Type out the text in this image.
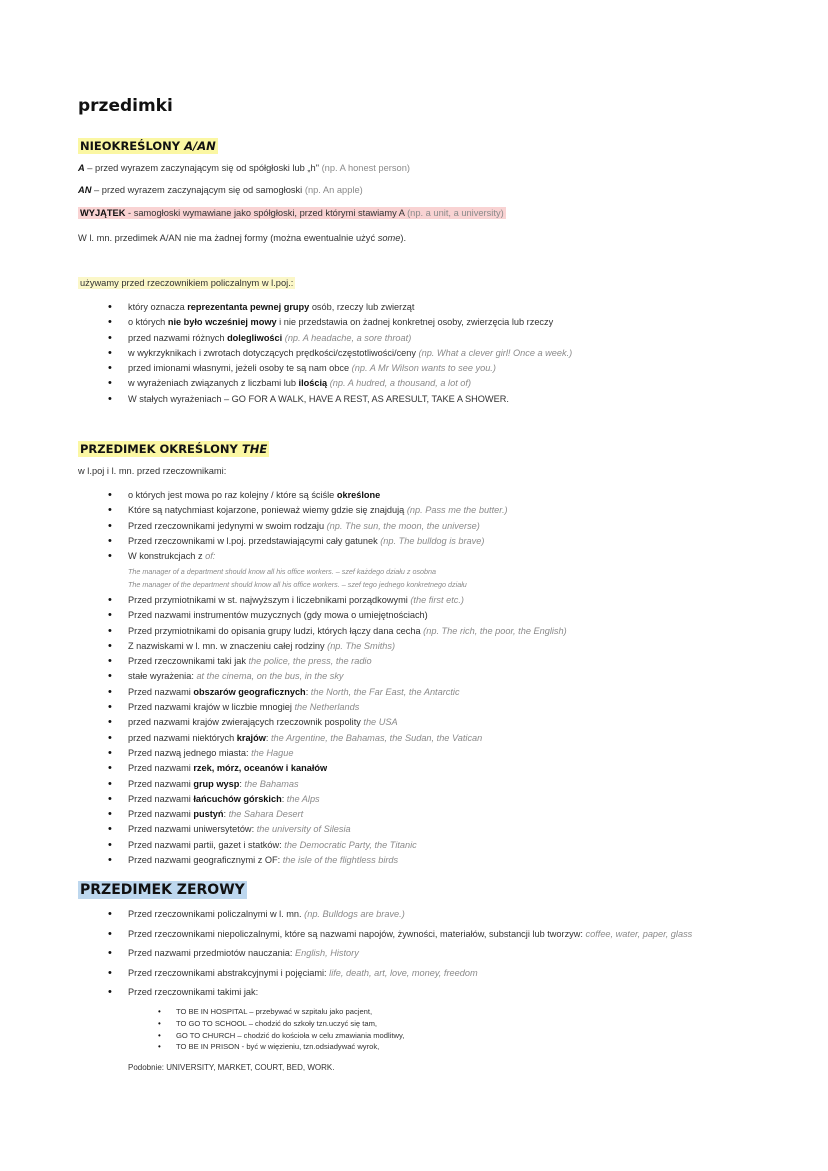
przedimki
NIEOKREŚLONY A/AN
A – przed wyrazem zaczynającym się od spółgłoski lub „h" (np. A honest person)
AN – przed wyrazem zaczynającym się od samogłoski (np. An apple)
WYJĄTEK - samogłoski wymawiane jako spółgłoski, przed którymi stawiamy A (np. a unit, a university)
W l. mn. przedimek A/AN nie ma żadnej formy (można ewentualnie użyć some).
używamy przed rzeczownikiem policzalnym w l.poj.:
• który oznacza reprezentanta pewnej grupy osób, rzeczy lub zwierząt
• o których nie było wcześniej mowy i nie przedstawia on żadnej konkretnej osoby, zwierzęcia lub rzeczy
• przed nazwami różnych dolegliwości (np. A headache, a sore throat)
• w wykrzyknikach i zwrotach dotyczących prędkości/częstotliwości/ceny (np. What a clever girl! Once a week.)
• przed imionami własnymi, jeżeli osoby te są nam obce (np. A Mr Wilson wants to see you.)
• w wyrażeniach związanych z liczbami lub ilością (np. A hudred, a thousand, a lot of)
• W stałych wyrażeniach – GO FOR A WALK, HAVE A REST, AS ARESULT, TAKE A SHOWER.
PRZEDIMEK OKREŚLONY THE
w l.poj i l. mn. przed rzeczownikami:
• o których jest mowa po raz kolejny / które są ściśle określone
• Które są natychmiast kojarzone, ponieważ wiemy gdzie się znajdują (np. Pass me the butter.)
• Przed rzeczownikami jedynymi w swoim rodzaju (np. The sun, the moon, the universe)
• Przed rzeczownikami w l.poj. przedstawiającymi cały gatunek (np. The bulldog is brave)
• W konstrukcjach z of:
The manager of a department should know all his office workers. – szef każdego działu z osobna
The manager of the department should know all his office workers. – szef tego jednego konkretnego działu
• Przed przymiotnikami w st. najwyższym i liczebnikami porządkowymi (the first etc.)
• Przed nazwami instrumentów muzycznych (gdy mowa o umiejętnościach)
• Przed przymiotnikami do opisania grupy ludzi, których łączy dana cecha (np. The rich, the poor, the English)
• Z nazwiskami w l. mn. w znaczeniu całej rodziny (np. The Smiths)
• Przed rzeczownikami taki jak the police, the press, the radio
• stałe wyrażenia: at the cinema, on the bus, in the sky
• Przed nazwami obszarów geograficznych: the North, the Far East, the Antarctic
• Przed nazwami krajów w liczbie mnogiej the Netherlands
• przed nazwami krajów zwierających rzeczownik pospolity the USA
• przed nazwami niektórych krajów: the Argentine, the Bahamas, the Sudan, the Vatican
• Przed nazwą jednego miasta: the Hague
• Przed nazwami rzek, mórz, oceanów i kanałów
• Przed nazwami grup wysp: the Bahamas
• Przed nazwami łańcuchów górskich: the Alps
• Przed nazwami pustyń: the Sahara Desert
• Przed nazwami uniwersytetów: the university of Silesia
• Przed nazwami partii, gazet i statków: the Democratic Party, the Titanic
• Przed nazwami geograficznymi z OF: the isle of the flightless birds
PRZEDIMEK ZEROWY
• Przed rzeczownikami policzalnymi w l. mn. (np. Bulldogs are brave.)
• Przed rzeczownikami niepoliczalnymi, które są nazwami napojów, żywności, materiałów, substancji lub tworzyw: coffee, water, paper, glass
• Przed nazwami przedmiotów nauczania: English, History
• Przed rzeczownikami abstrakcyjnymi i pojęciami: life, death, art, love, money, freedom
• Przed rzeczownikami takimi jak:
• TO BE IN HOSPITAL – przebywać w szpitalu jako pacjent,
• TO GO TO SCHOOL – chodzić do szkoły tzn.uczyć się tam,
• GO TO CHURCH – chodzić do kościoła w celu zmawiania modlitwy,
• TO BE IN PRISON - być w więzieniu, tzn.odsiadywać wyrok,
Podobnie: UNIVERSITY, MARKET, COURT, BED, WORK.
